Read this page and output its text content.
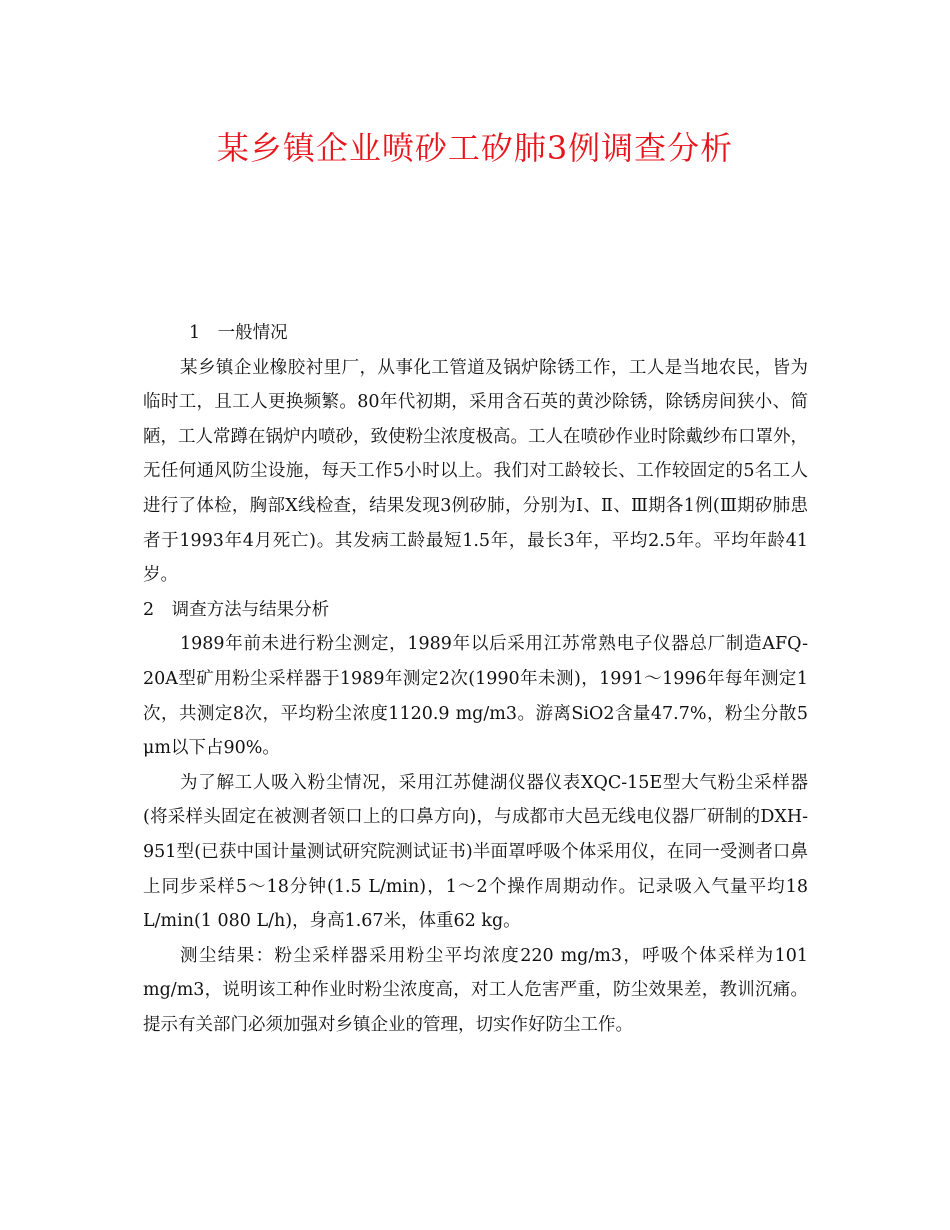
某乡镇企业喷砂工矽肺3例调查分析
1　一般情况

某乡镇企业橡胶衬里厂，从事化工管道及锅炉除锈工作，工人是当地农民，皆为临时工，且工人更换频繁。80年代初期，采用含石英的黄沙除锈，除锈房间狭小、简陋，工人常蹲在锅炉内喷砂，致使粉尘浓度极高。工人在喷砂作业时除戴纱布口罩外，无任何通风防尘设施，每天工作5小时以上。我们对工龄较长、工作较固定的5名工人进行了体检，胸部X线检查，结果发现3例矽肺，分别为Ⅰ、Ⅱ、Ⅲ期各1例(Ⅲ期矽肺患者于1993年4月死亡)。其发病工龄最短1.5年，最长3年，平均2.5年。平均年龄41岁。

2　调查方法与结果分析

1989年前未进行粉尘测定，1989年以后采用江苏常熟电子仪器总厂制造AFQ-20A型矿用粉尘采样器于1989年测定2次(1990年未测)，1991～1996年每年测定1次，共测定8次，平均粉尘浓度1120.9 mg/m3。游离SiO2含量47.7%，粉尘分散5 μm以下占90%。

为了解工人吸入粉尘情况，采用江苏健湖仪器仪表XQC-15E型大气粉尘采样器(将采样头固定在被测者领口上的口鼻方向)，与成都市大邑无线电仪器厂研制的DXH-951型(已获中国计量测试研究院测试证书)半面罩呼吸个体采用仪，在同一受测者口鼻上同步采样5～18分钟(1.5 L/min)，1～2个操作周期动作。记录吸入气量平均18 L/min(1 080 L/h)，身高1.67米，体重62 kg。

测尘结果：粉尘采样器采用粉尘平均浓度220 mg/m3，呼吸个体采样为101 mg/m3，说明该工种作业时粉尘浓度高，对工人危害严重，防尘效果差，教训沉痛。提示有关部门必须加强对乡镇企业的管理，切实作好防尘工作。
